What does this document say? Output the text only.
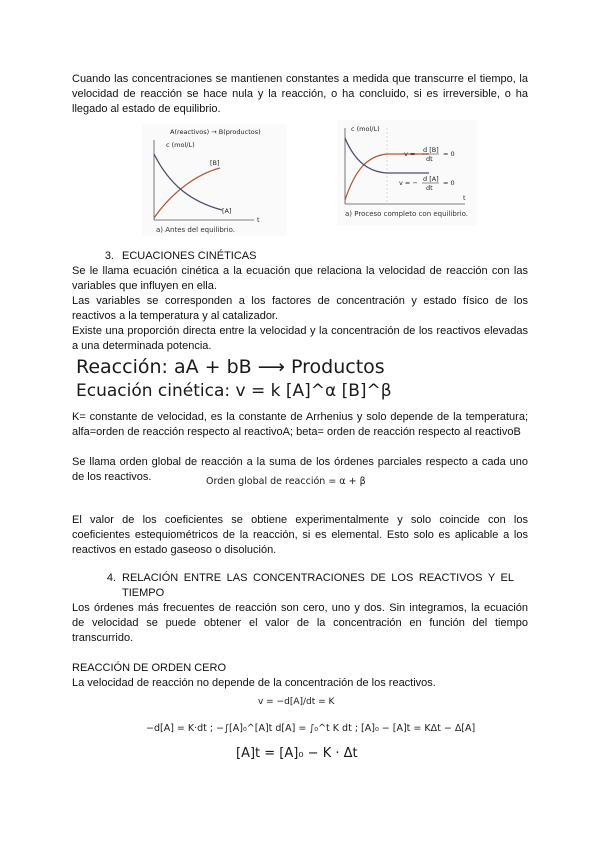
Cuando las concentraciones se mantienen constantes a medida que transcurre el tiempo, la

velocidad de reacción se hace nula y la reacción, o ha concluido, si es irreversible, o ha

llegado al estado de equilibrio.

A(reactivos) → B(productos)
c (mol/L)
[B]
[A]
t
a) Antes del equilibrio.
c (mol/L)
v = d [B]
dt
= 0
v = − d [A]
dt
= 0
t
a) Proceso completo con equilibrio.

3. ECUACIONES CINÉTICAS

Se le llama ecuación cinética a la ecuación que relaciona la velocidad de reacción con las

variables que influyen en ella.

Las variables se corresponden a los factores de concentración y estado físico de los

reactivos a la temperatura y al catalizador.

Existe una proporción directa entre la velocidad y la concentración de los reactivos elevadas

a una determinada potencia.

Reacción: aA + bB ⟶ Productos
Ecuación cinética: v = k [A]^α [B]^β

K= constante de velocidad, es la constante de Arrhenius y solo depende de la temperatura;

alfa=orden de reacción respecto al reactivoA; beta= orden de reacción respecto al reactivoB

Se llama orden global de reacción a la suma de los órdenes parciales respecto a cada uno

de los reactivos.	Orden global de reacción = α + β

El valor de los coeficientes se obtiene experimentalmente y solo coincide con los

coeficientes estequiométricos de la reacción, si es elemental. Esto solo es aplicable a los

reactivos en estado gaseoso o disolución.

4. RELACIÓN ENTRE LAS CONCENTRACIONES DE LOS REACTIVOS Y EL
TIEMPO

Los órdenes más frecuentes de reacción son cero, uno y dos. Sin integramos, la ecuación

de velocidad se puede obtener el valor de la concentración en función del tiempo

transcurrido.

REACCIÓN DE ORDEN CERO

La velocidad de reacción no depende de la concentración de los reactivos.

v = −d[A]/dt = K
−d[A] = K·dt ; −∫[A]₀^[A]t d[A] = ∫₀^t K dt ; [A]₀ − [A]t = KΔt − Δ[A]
[A]t = [A]₀ − K · Δt
